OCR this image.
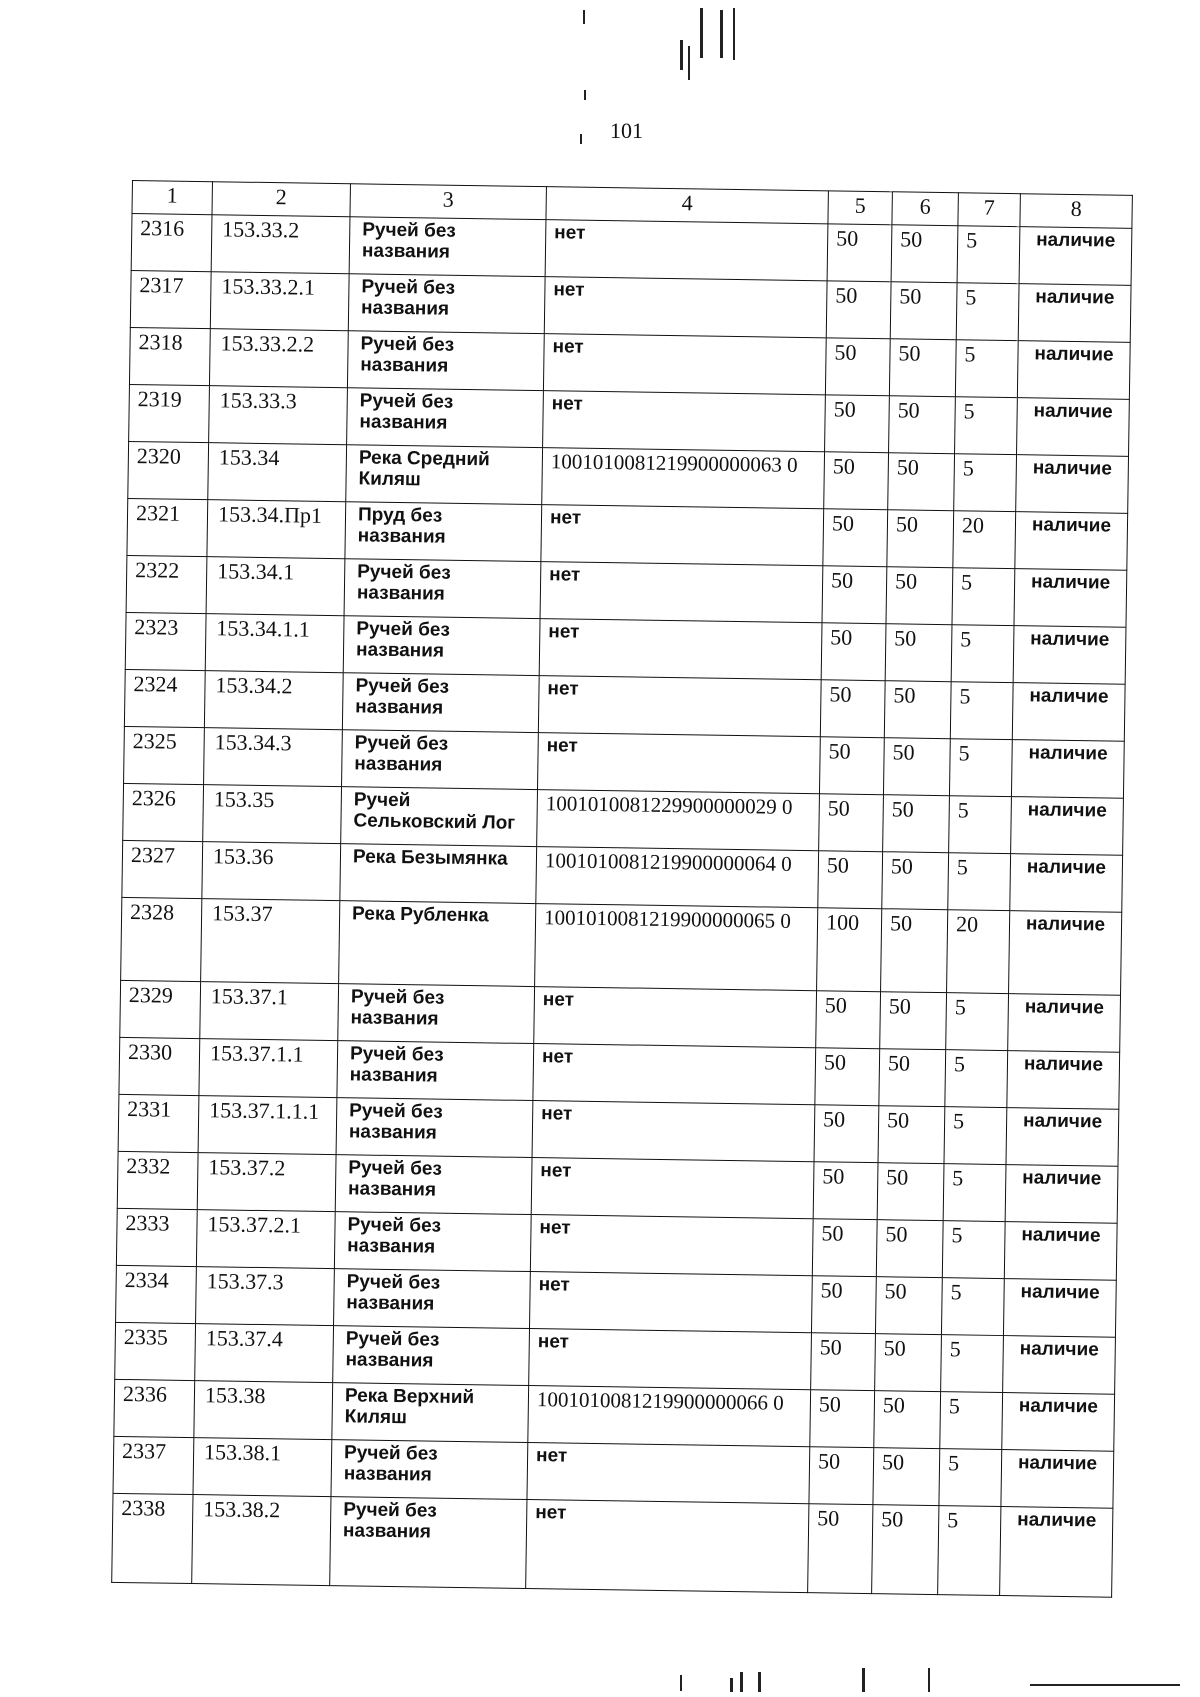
101
1	2	3	4	5	6	7	8
2316	153.33.2	Ручей без названия	нет	50	50	5	наличие
2317	153.33.2.1	Ручей без названия	нет	50	50	5	наличие
2318	153.33.2.2	Ручей без названия	нет	50	50	5	наличие
2319	153.33.3	Ручей без названия	нет	50	50	5	наличие
2320	153.34	Река Средний Киляш	1001010081219900000063 0	50	50	5	наличие
2321	153.34.Пр1	Пруд без названия	нет	50	50	20	наличие
2322	153.34.1	Ручей без названия	нет	50	50	5	наличие
2323	153.34.1.1	Ручей без названия	нет	50	50	5	наличие
2324	153.34.2	Ручей без названия	нет	50	50	5	наличие
2325	153.34.3	Ручей без названия	нет	50	50	5	наличие
2326	153.35	Ручей Сельковский Лог	1001010081229900000029 0	50	50	5	наличие
2327	153.36	Река Безымянка	1001010081219900000064 0	50	50	5	наличие
2328	153.37	Река Рубленка	1001010081219900000065 0	100	50	20	наличие
2329	153.37.1	Ручей без названия	нет	50	50	5	наличие
2330	153.37.1.1	Ручей без названия	нет	50	50	5	наличие
2331	153.37.1.1.1	Ручей без названия	нет	50	50	5	наличие
2332	153.37.2	Ручей без названия	нет	50	50	5	наличие
2333	153.37.2.1	Ручей без названия	нет	50	50	5	наличие
2334	153.37.3	Ручей без названия	нет	50	50	5	наличие
2335	153.37.4	Ручей без названия	нет	50	50	5	наличие
2336	153.38	Река Верхний Киляш	1001010081219900000066 0	50	50	5	наличие
2337	153.38.1	Ручей без названия	нет	50	50	5	наличие
2338	153.38.2	Ручей без названия	нет	50	50	5	наличие
